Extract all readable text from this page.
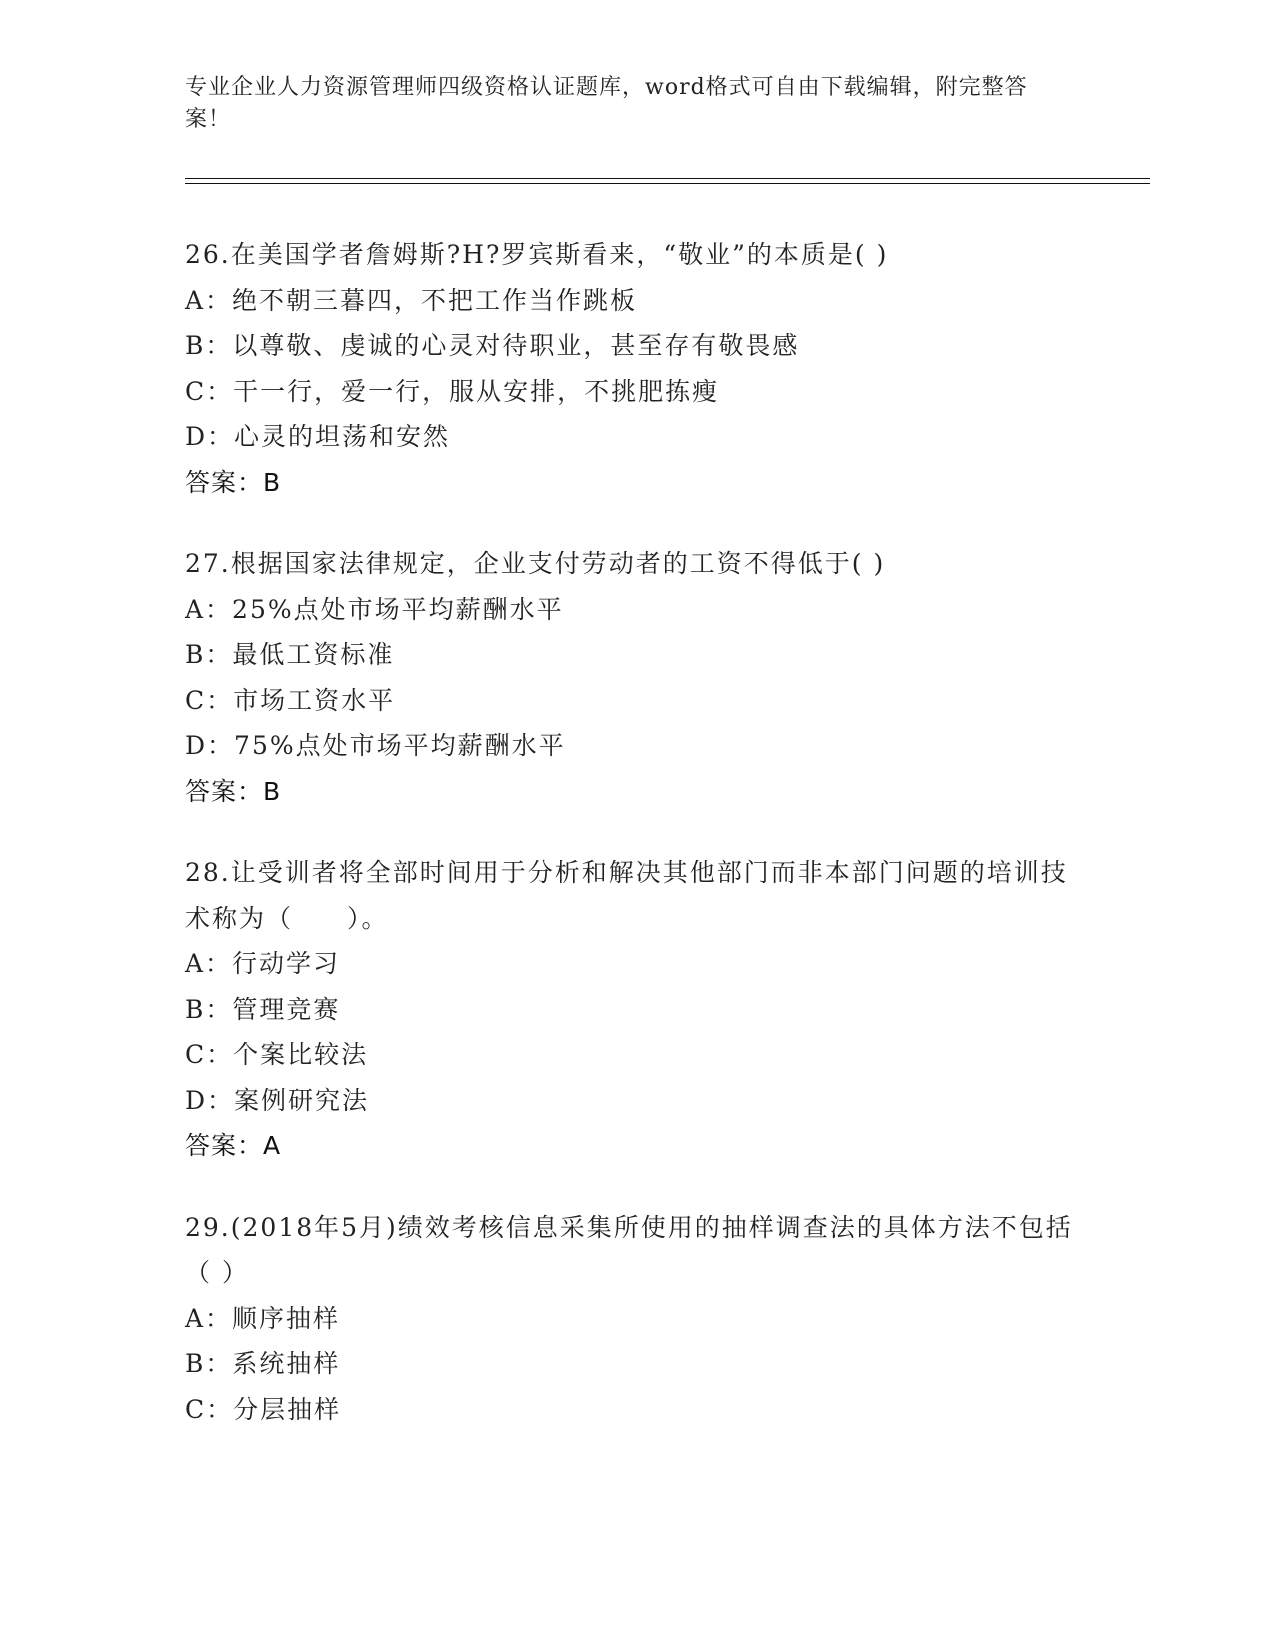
专业企业人力资源管理师四级资格认证题库，word格式可自由下载编辑，附完整答案！
26.在美国学者詹姆斯?H?罗宾斯看来，“敬业”的本质是( )
A：绝不朝三暮四，不把工作当作跳板
B：以尊敬、虔诚的心灵对待职业，甚至存有敬畏感
C：干一行，爱一行，服从安排，不挑肥拣瘦
D：心灵的坦荡和安然
答案：B
27.根据国家法律规定，企业支付劳动者的工资不得低于( )
A：25%点处市场平均薪酬水平
B：最低工资标准
C：市场工资水平
D：75%点处市场平均薪酬水平
答案：B
28.让受训者将全部时间用于分析和解决其他部门而非本部门问题的培训技术称为（　　）。
A：行动学习
B：管理竞赛
C：个案比较法
D：案例研究法
答案：A
29.(2018年5月)绩效考核信息采集所使用的抽样调查法的具体方法不包括（ ）
A：顺序抽样
B：系统抽样
C：分层抽样
